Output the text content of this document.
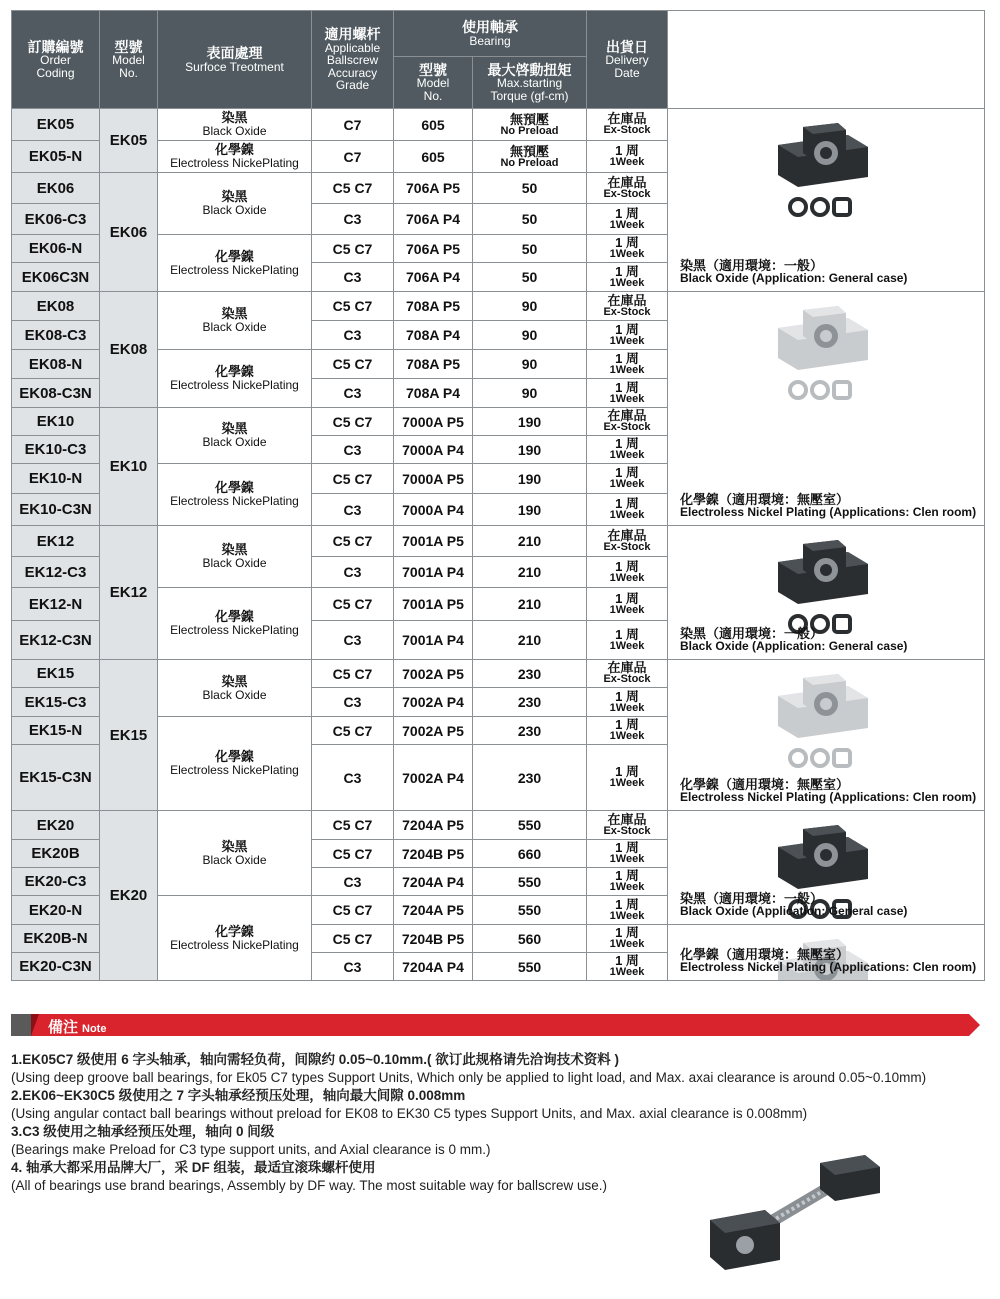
訂購編號
Order
Coding	型號
Model
No.	表面處理
Surfoce Treotment	適用螺杆
Applicable
Ballscrew
Accuracy
Grade	使用軸承
Bearing		出貨日
Delivery
Date	

				型號
Model
No.	最大啓動扭矩
Max.starting
Torque (gf-cm)		

EK05	EK05	染黑
Black Oxide	C7	605	無預壓
No Preload	在庫品
Ex-Stock	染黑（適用環境：一般）
Black Oxide (Application: General case)

EK05-N		化學鎳
Electroless NickePlating	C7	605	無預壓
No Preload	1 周
1Week	

EK06	EK06	染黑
Black Oxide	C5 C7	706A P5	50	在庫品
Ex-Stock	

EK06-C3			C3	706A P4	50	1 周
1Week	

EK06-N		化學鎳
Electroless NickePlating	C5 C7	706A P5	50	1 周
1Week	

EK06C3N			C3	706A P4	50	1 周
1Week	

EK08	EK08	染黑
Black Oxide	C5 C7	708A P5	90	在庫品
Ex-Stock	化學鎳（適用環境：無壓室）
Electroless Nickel Plating (Applications: Clen room)

EK08-C3			C3	708A P4	90	1 周
1Week	

EK08-N		化學鎳
Electroless NickePlating	C5 C7	708A P5	90	1 周
1Week	

EK08-C3N			C3	708A P4	90	1 周
1Week	

EK10	EK10	染黑
Black Oxide	C5 C7	7000A P5	190	在庫品
Ex-Stock	

EK10-C3			C3	7000A P4	190	1 周
1Week	

EK10-N		化學鎳
Electroless NickePlating	C5 C7	7000A P5	190	1 周
1Week	

EK10-C3N			C3	7000A P4	190	1 周
1Week	

EK12	EK12	染黑
Black Oxide	C5 C7	7001A P5	210	在庫品
Ex-Stock	染黑（適用環境：一般）
Black Oxide (Application: General case)

EK12-C3			C3	7001A P4	210	1 周
1Week	

EK12-N		化學鎳
Electroless NickePlating	C5 C7	7001A P5	210	1 周
1Week	

EK12-C3N			C3	7001A P4	210	1 周
1Week	

EK15	EK15	染黑
Black Oxide	C5 C7	7002A P5	230	在庫品
Ex-Stock	化學鎳（適用環境：無壓室）
Electroless Nickel Plating (Applications: Clen room)

EK15-C3			C3	7002A P4	230	1 周
1Week	

EK15-N		化學鎳
Electroless NickePlating	C5 C7	7002A P5	230	1 周
1Week	

EK15-C3N			C3	7002A P4	230	1 周
1Week	

EK20	EK20	染黑
Black Oxide	C5 C7	7204A P5	550	在庫品
Ex-Stock	染黑（適用環境：一般）
Black Oxide (Application: General case)

EK20B			C5 C7	7204B P5	660	1 周
1Week	

EK20-C3			C3	7204A P4	550	1 周
1Week	

EK20-N		化学鎳
Electroless NickePlating	C5 C7	7204A P5	550	1 周
1Week	

EK20B-N			C5 C7	7204B P5	560	1 周
1Week	化學鎳（適用環境：無壓室）
Electroless Nickel Plating (Applications: Clen room)

EK20-C3N			C3	7204A P4	550	1 周
1Week	
備注 Note

1.EK05C7 级使用 6 字头轴承，轴向需轻负荷，间隙约 0.05~0.10mm.( 欲订此规格请先洽询技术资料 )

(Using deep groove ball bearings, for Ek05 C7 types Support Units, Which only be applied to light load, and Max. axai clearance is around 0.05~0.10mm)

2.EK06~EK30C5 级使用之 7 字头轴承经预压处理，轴向最大间隙 0.008mm

(Using angular contact ball bearings without preload for EK08 to EK30 C5 types Support Units, and Max. axial clearance is 0.008mm)

3.C3 级使用之轴承经预压处理，轴向 0 间级

(Bearings make Preload for C3 type support units, and Axial clearance is 0 mm.)

4. 轴承大都采用品牌大厂，采 DF 组装，最适宜滚珠螺杆使用

(All of bearings use brand bearings, Assembly by DF way. The most suitable way for ballscrew use.)
